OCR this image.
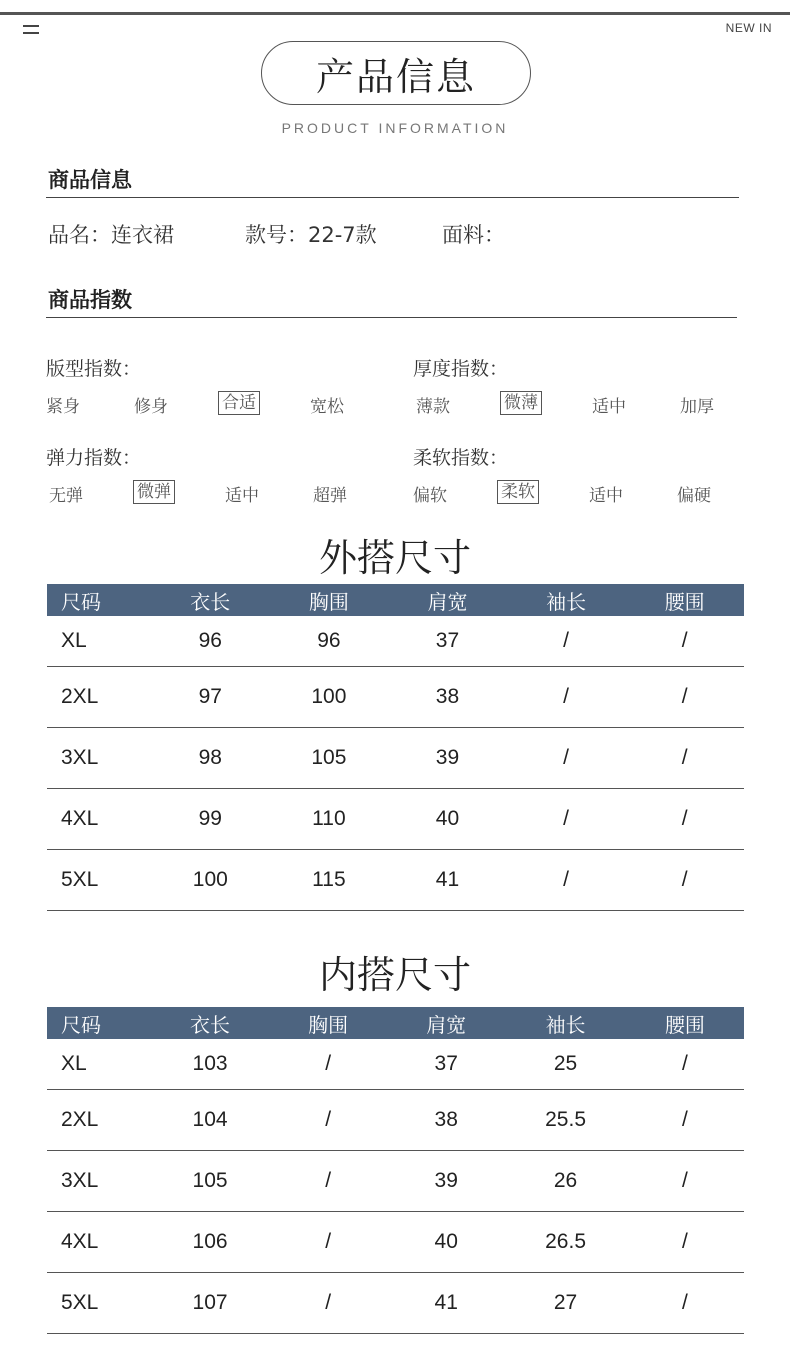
NEW IN
产品信息
PRODUCT INFORMATION
商品信息
品名：连衣裙	款号：22-7款	面料：
商品指数
版型指数：
紧身	修身	合适	宽松
厚度指数：
薄款	微薄	适中	加厚
弹力指数：
无弹	微弹	适中	超弹
柔软指数：
偏软	柔软	适中	偏硬
外搭尺寸
尺码	衣长	胸围	肩宽	袖长	腰围
XL	96	96	37	/	/
2XL	97	100	38	/	/
3XL	98	105	39	/	/
4XL	99	110	40	/	/
5XL	100	115	41	/	/
内搭尺寸
尺码	衣长	胸围	肩宽	袖长	腰围
XL	103	/	37	25	/
2XL	104	/	38	25.5	/
3XL	105	/	39	26	/
4XL	106	/	40	26.5	/
5XL	107	/	41	27	/
